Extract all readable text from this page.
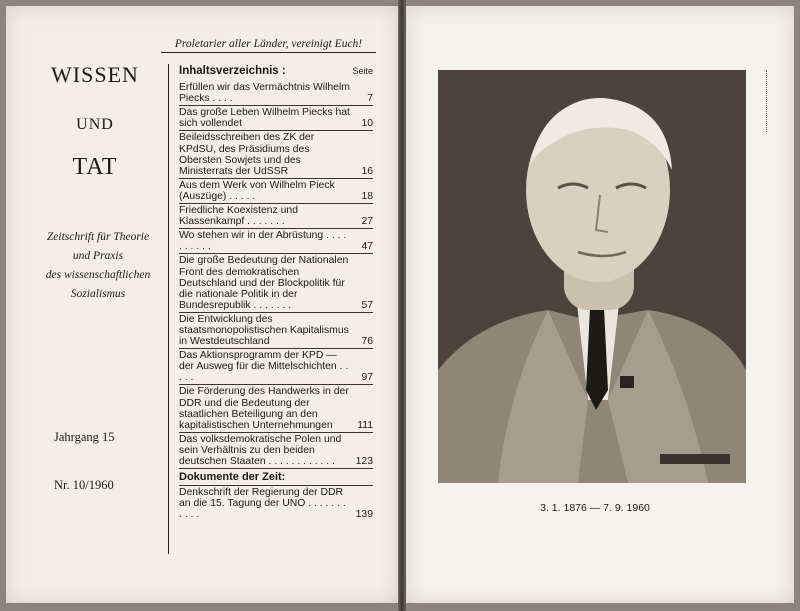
Proletarier aller Länder, vereinigt Euch!
WISSEN
UND
TAT
Zeitschrift für Theorie
und Praxis
des wissenschaftlichen
Sozialismus
Jahrgang 15
Nr. 10/1960
Inhaltsverzeichnis :	Seite
Erfüllen wir das Vermächtnis Wilhelm Piecks . . . .	7
Das große Leben Wilhelm Piecks hat sich vollendet	10
Beileidsschreiben des ZK der KPdSU, des Präsidiums des Obersten Sowjets und des Ministerrats der UdSSR	16
Aus dem Werk von Wilhelm Pieck (Auszüge) . . . . .	18
Friedliche Koexistenz und Klassenkampf . . . . . . .	27
Wo stehen wir in der Abrüstung . . . . . . . . . .	47
Die große Bedeutung der Nationalen Front des demokratischen Deutschland und der Blockpolitik für die nationale Politik in der Bundesrepublik . . . . . . .	57
Die Entwicklung des staatsmonopolistischen Kapitalismus in Westdeutschland	76
Das Aktionsprogramm der KPD — der Ausweg für die Mittelschichten . . . . .	97
Die Förderung des Handwerks in der DDR und die Bedeutung der staatlichen Beteiligung an den kapitalistischen Unternehmungen	111
Das volksdemokratische Polen und sein Verhältnis zu den beiden deutschen Staaten . . . . . . . . . . . .	123
Dokumente der Zeit:
Denkschrift der Regierung der DDR an die 15. Tagung der UNO . . . . . . . . . . .	139
3. 1. 1876 — 7. 9. 1960
